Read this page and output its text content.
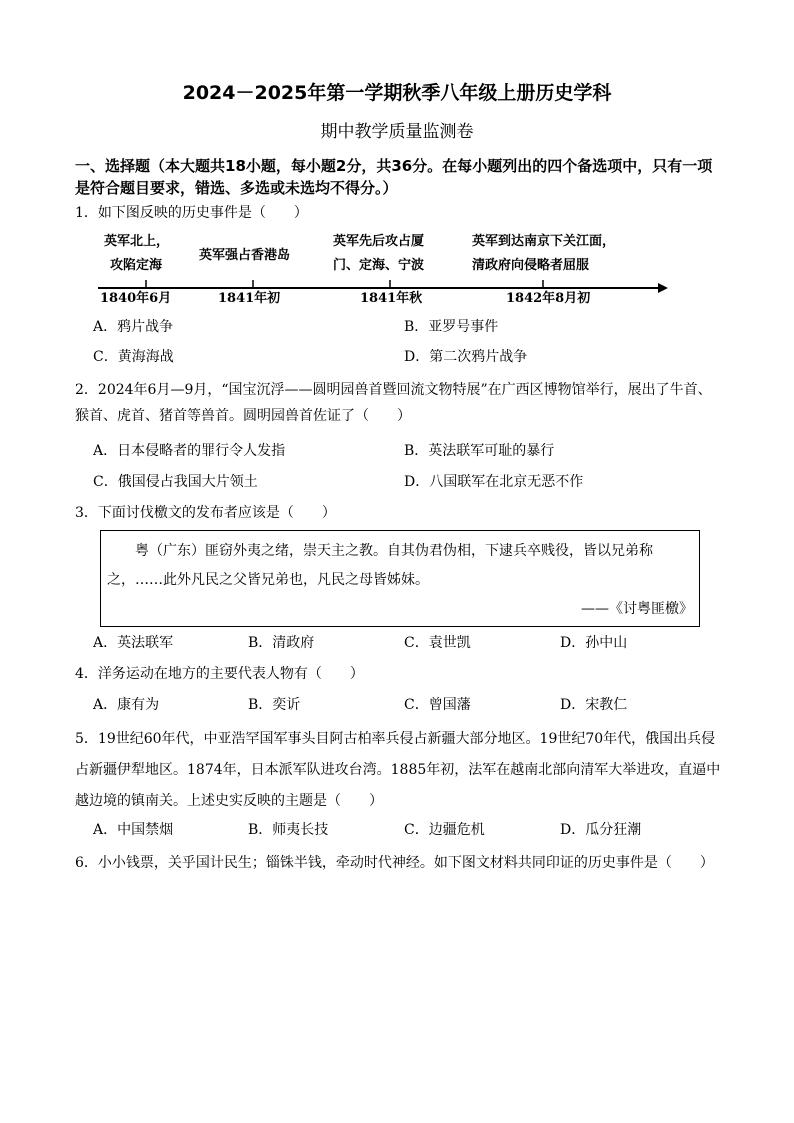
2024－2025年第一学期秋季八年级上册历史学科
期中教学质量监测卷
一、选择题（本大题共18小题，每小题2分，共36分。在每小题列出的四个备选项中，只有一项是符合题目要求，错选、多选或未选均不得分。）
1．如下图反映的历史事件是（　　）
英军北上，
攻陷定海
英军强占香港岛
英军先后攻占厦
门、定海、宁波
英军到达南京下关江面，
清政府向侵略者屈服
1840年6月	1841年初	1841年秋	1842年8月初
A．鸦片战争	B．亚罗号事件
C．黄海海战	D．第二次鸦片战争
2．2024年6月—9月，“国宝沉浮——圆明园兽首暨回流文物特展”在广西区博物馆举行，展出了牛首、猴首、虎首、猪首等兽首。圆明园兽首佐证了（　　）
A．日本侵略者的罪行令人发指	B．英法联军可耻的暴行
C．俄国侵占我国大片领土	D．八国联军在北京无恶不作
3．下面讨伐檄文的发布者应该是（　　）
粤（广东）匪窃外夷之绪，崇天主之教。自其伪君伪相，下逮兵卒贱役，皆以兄弟称之，……此外凡民之父皆兄弟也，凡民之母皆姊妹。
——《讨粤匪檄》
A．英法联军	B．清政府	C．袁世凯	D．孙中山
4．洋务运动在地方的主要代表人物有（　　）
A．康有为	B．奕䜣	C．曾国藩	D．宋教仁
5．19世纪60年代，中亚浩罕国军事头目阿古柏率兵侵占新疆大部分地区。19世纪70年代，俄国出兵侵占新疆伊犁地区。1874年，日本派军队进攻台湾。1885年初，法军在越南北部向清军大举进攻，直逼中越边境的镇南关。上述史实反映的主题是（　　）
A．中国禁烟	B．师夷长技	C．边疆危机	D．瓜分狂潮
6．小小钱票，关乎国计民生；锱铢半钱，牵动时代神经。如下图文材料共同印证的历史事件是（　　）
